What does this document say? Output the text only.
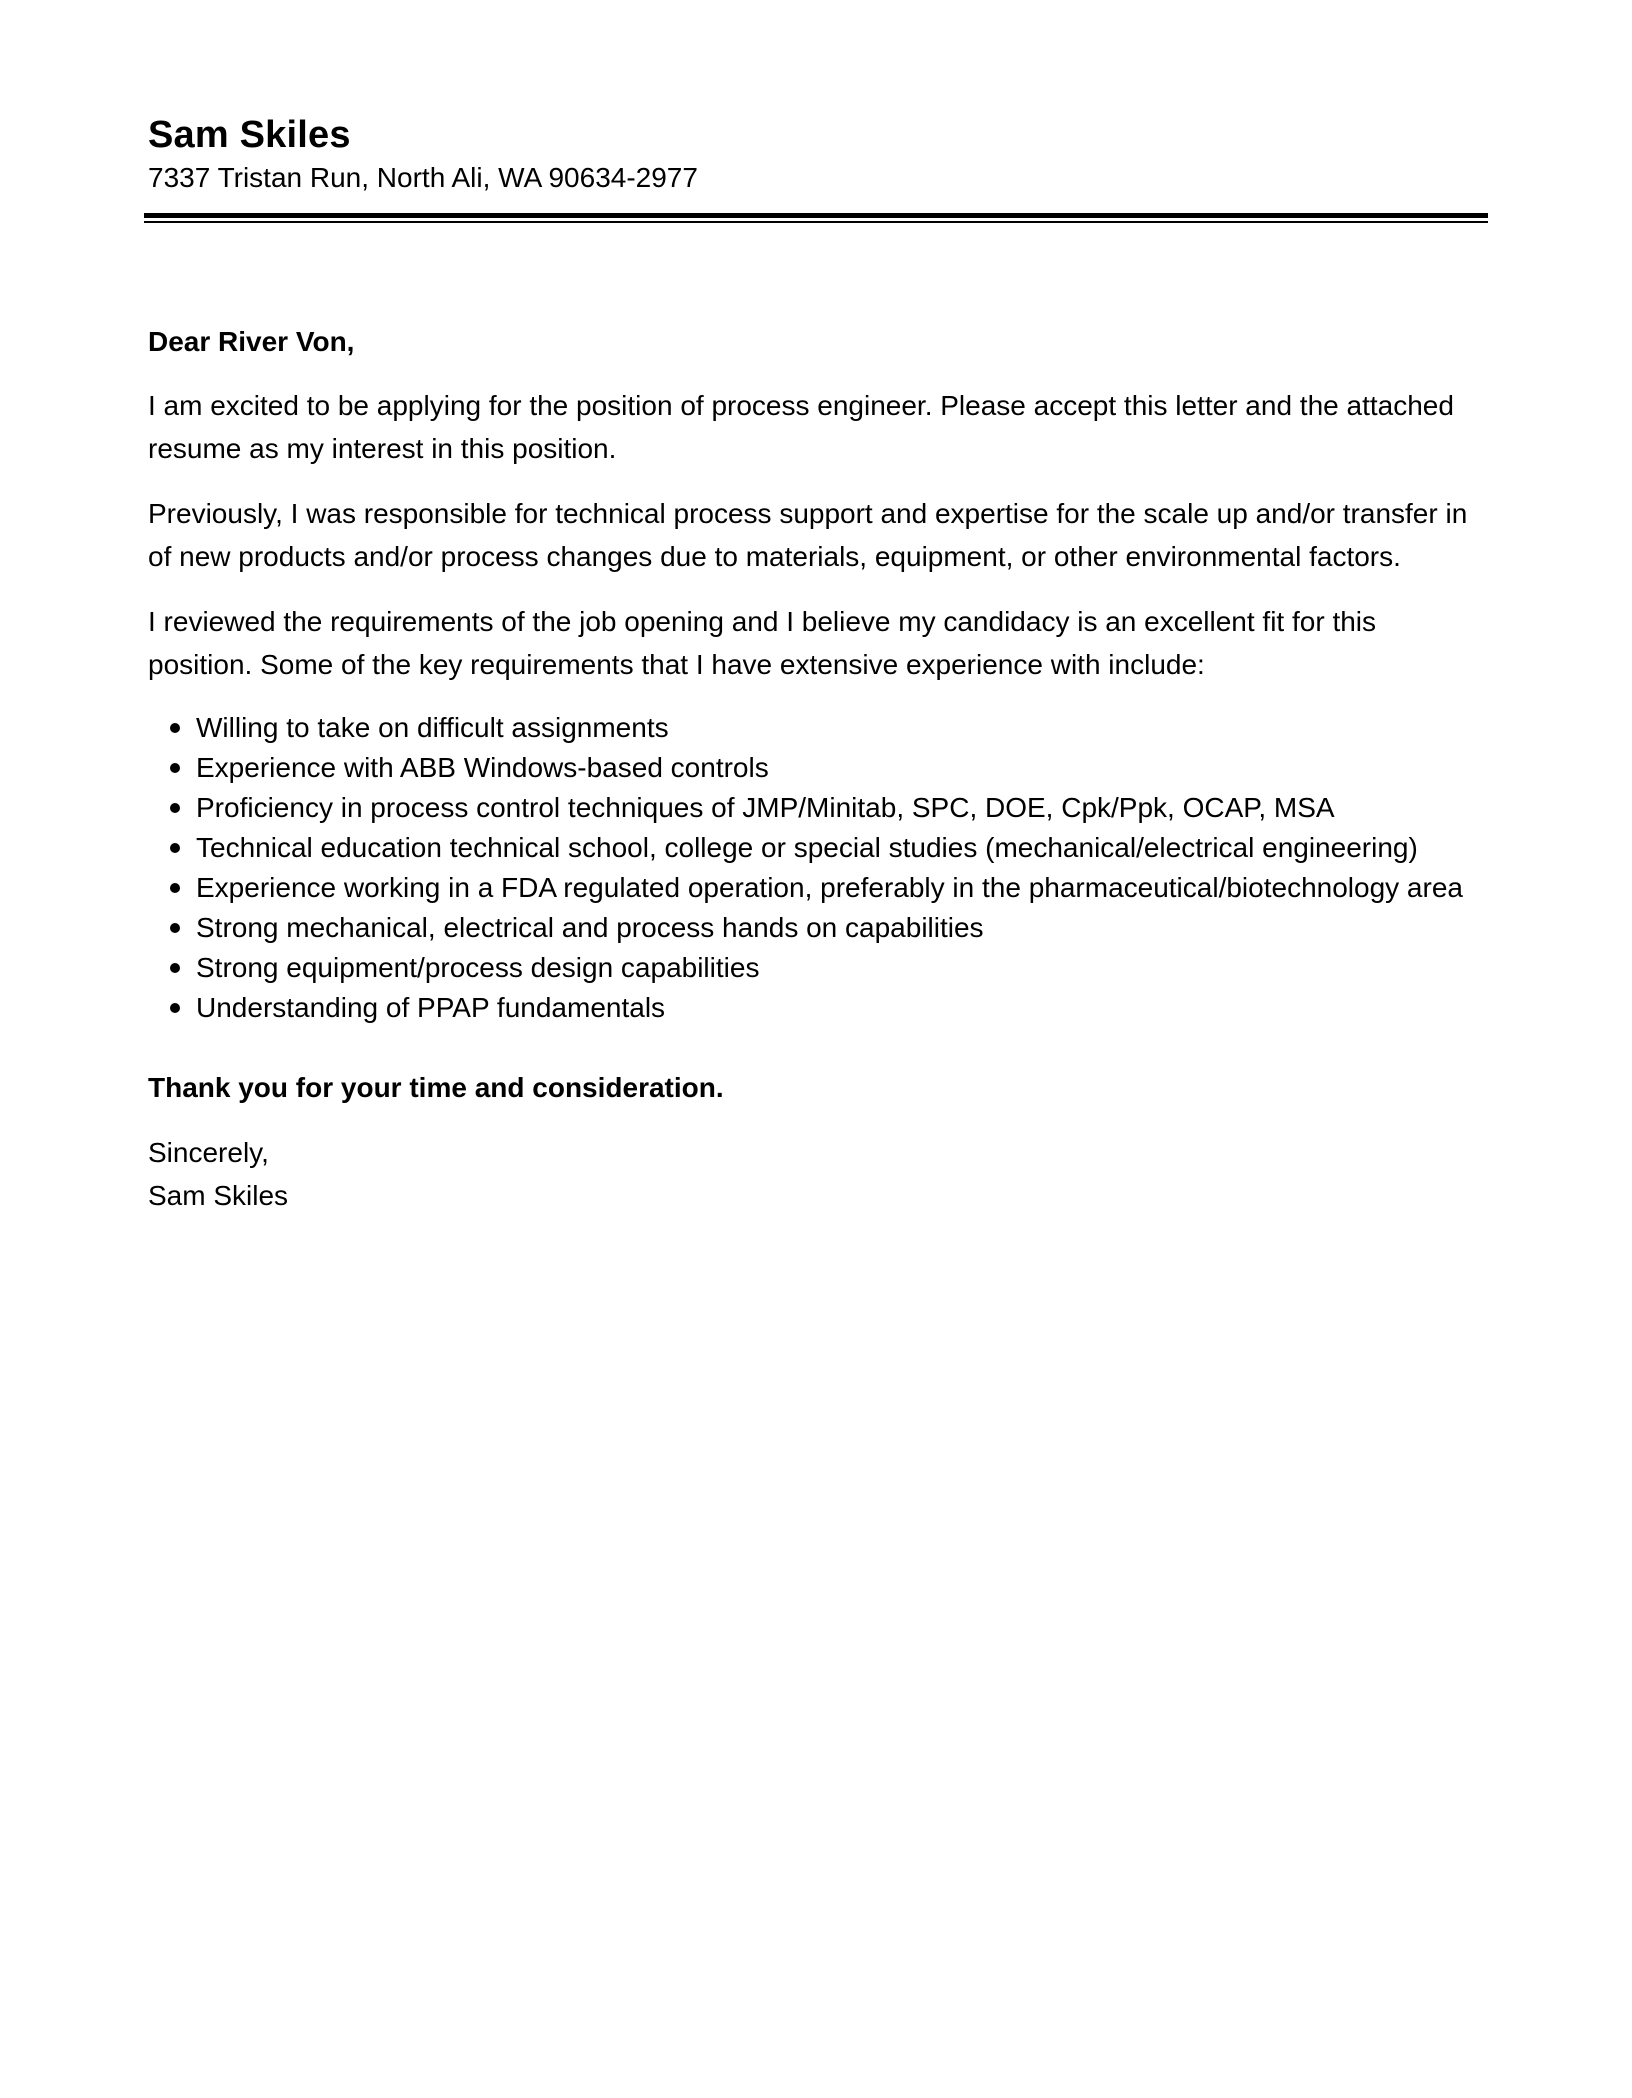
Sam Skiles
7337 Tristan Run, North Ali, WA 90634-2977

Dear River Von,

I am excited to be applying for the position of process engineer. Please accept this letter and the attached resume as my interest in this position.

Previously, I was responsible for technical process support and expertise for the scale up and/or transfer in of new products and/or process changes due to materials, equipment, or other environmental factors.

I reviewed the requirements of the job opening and I believe my candidacy is an excellent fit for this position. Some of the key requirements that I have extensive experience with include:

Willing to take on difficult assignments
Experience with ABB Windows-based controls
Proficiency in process control techniques of JMP/Minitab, SPC, DOE, Cpk/Ppk, OCAP, MSA
Technical education technical school, college or special studies (mechanical/electrical engineering)
Experience working in a FDA regulated operation, preferably in the pharmaceutical/biotechnology area
Strong mechanical, electrical and process hands on capabilities
Strong equipment/process design capabilities
Understanding of PPAP fundamentals

Thank you for your time and consideration.

Sincerely,

Sam Skiles
